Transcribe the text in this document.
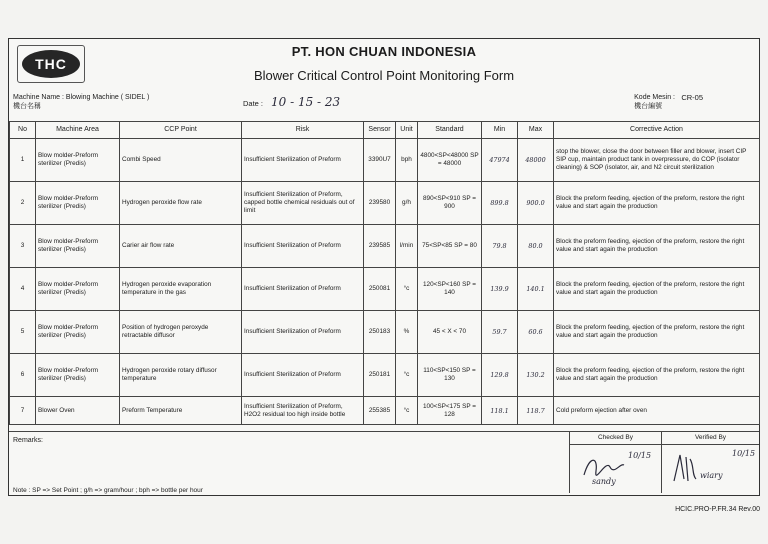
THC
PT. HON CHUAN INDONESIA
Blower Critical Control Point Monitoring Form
Machine Name : Blowing Machine ( SIDEL )
機台名稱	Date : 10 - 15 - 23	Kode Mesin :
機台編號
CR-05
No	Machine Area	CCP Point	Risk	Sensor	Unit	Standard	Min	Max	Corrective Action
1	Blow molder-Preform sterilizer (Predis)	Combi Speed	Insufficient Sterilization of Preform	3390U7	bph	4800<SP<48000 SP = 48000	47974	48000	stop the blower, close the door between filler and blower, insert CIP SIP cup, maintain product tank in overpressure, do COP (isolator cleaning) & SOP (isolator, air, and N2 circuit sterilization
2	Blow molder-Preform sterilizer (Predis)	Hydrogen peroxide flow rate	Insufficient Sterilization of Preform, capped bottle chemical residuals out of limit	239580	g/h	890<SP<910 SP = 900	899.8	900.0	Block the preform feeding, ejection of the preform, restore the right value and start again the production
3	Blow molder-Preform sterilizer (Predis)	Carier air flow rate	Insufficient Sterilization of Preform	239585	l/min	75<SP<85 SP = 80	79.8	80.0	Block the preform feeding, ejection of the preform, restore the right value and start again the production
4	Blow molder-Preform sterilizer (Predis)	Hydrogen peroxide evaporation temperature in the gas	Insufficient Sterilization of Preform	250081	°c	120<SP<160 SP = 140	139.9	140.1	Block the preform feeding, ejection of the preform, restore the right value and start again the production
5	Blow molder-Preform sterilizer (Predis)	Position of hydrogen peroxyde retractable diffusor	Insufficient Sterilization of Preform	250183	%	45 < X < 70	59.7	60.6	Block the preform feeding, ejection of the preform, restore the right value and start again the production
6	Blow molder-Preform sterilizer (Predis)	Hydrogen peroxide rotary diffusor temperature	Insufficient Sterilization of Preform	250181	°c	110<SP<150 SP = 130	129.8	130.2	Block the preform feeding, ejection of the preform, restore the right value and start again the production
7	Blower Oven	Preform Temperature	Insufficient Sterilization of Preform, H2O2 residual too high inside bottle	255385	°c	100<SP<175 SP = 128	118.1	118.7	Cold preform ejection after oven
Remarks:
Note : SP => Set Point ; g/h => gram/hour ; bph => bottle per hour
Checked By
10/15
sandy
Verified By
10/15
wiary
HCIC.PRO-P.FR.34 Rev.00
